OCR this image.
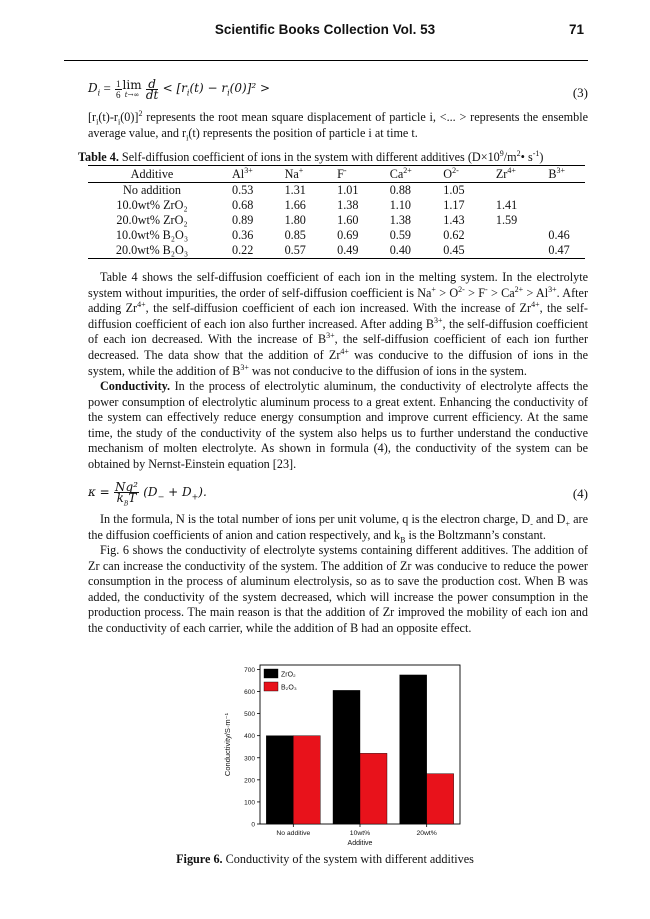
Scientific Books Collection Vol. 53	71
$D_i = \frac{1}{6}$ lim
t→∞
$\frac{d}{dt} < [r_i(t) - r_i(0)]^2$ >	(3)
$[r_i(t)-r_i(0)]^2$ represents the root mean square displacement of particle i, <... > represents the ensemble average value, and $r_i(t)$ represents the position of particle i at time t.
Table 4. Self-diffusion coefficient of ions in the system with different additives ($D\times 10^9/m^2•$ $s^{-1}$)
Additive	$Al^{3+}$	Na+	F-	$Ca^{2+}$	$O^{2-}$	$Zr^{4+}$	$B^{3+}$
No addition	0.53	1.31	1.01	0.88	1.05		
10.0wt% ZrO₂	0.68	1.66	1.38	1.10	1.17	1.41	
20.0wt% ZrO₂	0.89	1.80	1.60	1.38	1.43	1.59	
10.0wt% B₂O₃	0.36	0.85	0.69	0.59	0.62		0.46
20.0wt% B₂O₃	0.22	0.57	0.49	0.40	0.45		0.47
Table 4 shows the self-diffusion coefficient of each ion in the melting system. In the electrolyte system without impurities, the order of self-diffusion coefficient is $Na^+ > O^{2-} > F^- > Ca^{2+} > Al^{3+}$. After adding $Zr^{4+}$, the self-diffusion coefficient of each ion increased. With the increase of $Zr^{4+}$, the self-diffusion coefficient of each ion also further increased. After adding $B^{3+}$, the self-diffusion coefficient of each ion decreased. With the increase of $B^{3+}$, the self-diffusion coefficient of each ion further decreased. The data show that the addition of $Zr^{4+}$ was conducive to the diffusion of ions in the system, while the addition of $B^{3+}$ was not conducive to the diffusion of ions in the system.
Conductivity. In the process of electrolytic aluminum, the conductivity of electrolyte affects the power consumption of electrolytic aluminum process to a great extent. Enhancing the conductivity of the system can effectively reduce energy consumption and improve current efficiency. At the same time, the study of the conductivity of the system also helps us to further understand the conductive mechanism of molten electrolyte. As shown in formula (4), the conductivity of the system can be obtained by Nernst-Einstein equation [23].
$\kappa = \frac{\text{Nq²}}{k_BT} (D_- + D_+)$.	(4)
In the formula, N is the total number of ions per unit volume, q is the electron charge, $D_-$ and $D_+$ are the diffusion coefficients of anion and cation respectively, and $k_B$ is the Boltzmann’s constant.
Fig. 6 shows the conductivity of electrolyte systems containing different additives. The addition of Zr can increase the conductivity of the system. The addition of Zr was conducive to reduce the power consumption in the process of aluminum electrolysis, so as to save the production cost. When B was added, the conductivity of the system decreased, which will increase the power consumption in the production process. The main reason is that the addition of Zr improved the mobility of each ion and the conductivity of each carrier, while the addition of B had an opposite effect.
0
100
200
300
400
500
600
700
Conductivity/S·m⁻¹
No additive	10wt%	20wt%
Additive
ZrO₂
B₂O₃
Figure 6. Conductivity of the system with different additives
